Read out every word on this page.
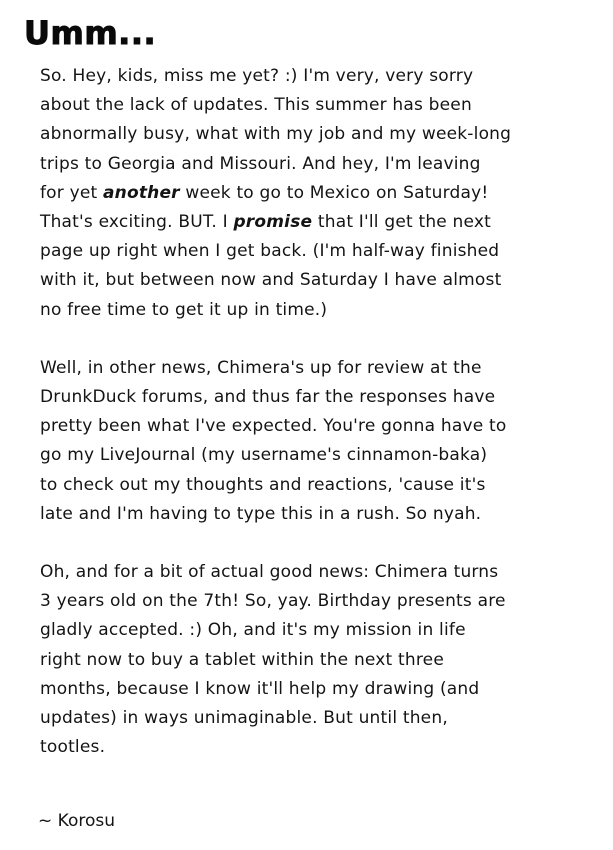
Umm...

So. Hey, kids, miss me yet? :) I'm very, very sorry
about the lack of updates. This summer has been
abnormally busy, what with my job and my week-long
trips to Georgia and Missouri. And hey, I'm leaving
for yet another week to go to Mexico on Saturday!
That's exciting. BUT. I promise that I'll get the next
page up right when I get back. (I'm half-way finished
with it, but between now and Saturday I have almost
no free time to get it up in time.)

Well, in other news, Chimera's up for review at the
DrunkDuck forums, and thus far the responses have
pretty been what I've expected. You're gonna have to
go my LiveJournal (my username's cinnamon-baka)
to check out my thoughts and reactions, 'cause it's
late and I'm having to type this in a rush. So nyah.

Oh, and for a bit of actual good news: Chimera turns
3 years old on the 7th! So, yay. Birthday presents are
gladly accepted. :) Oh, and it's my mission in life
right now to buy a tablet within the next three
months, because I know it'll help my drawing (and
updates) in ways unimaginable. But until then,
tootles.

~ Korosu
